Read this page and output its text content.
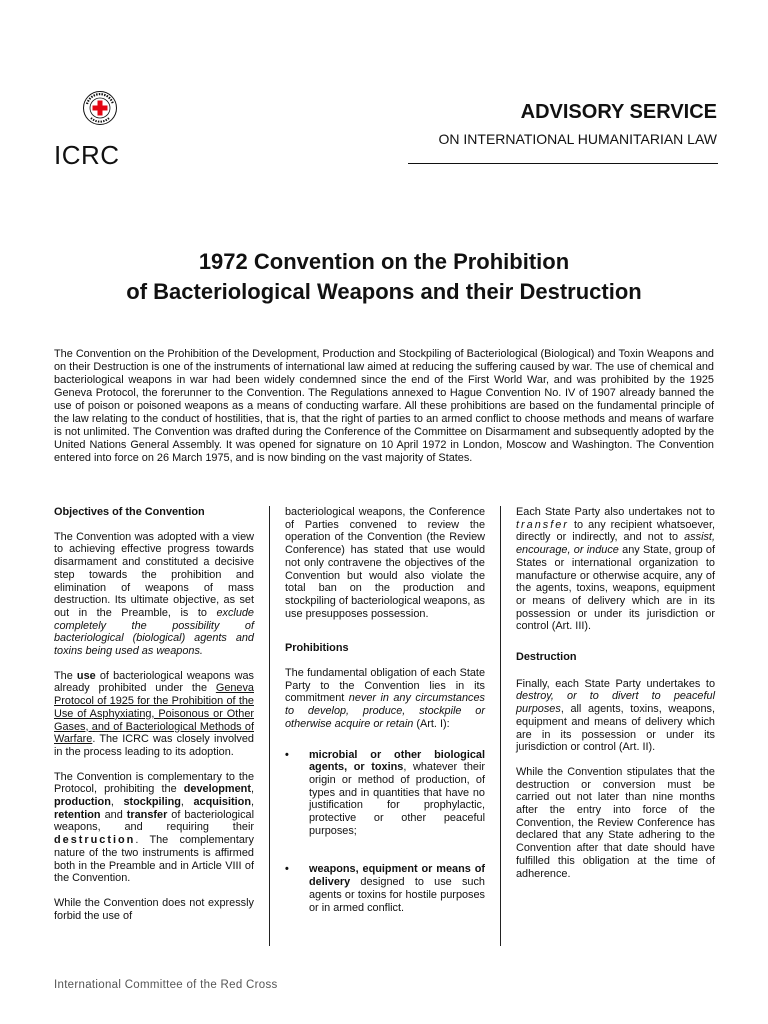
ICRC
ADVISORY SERVICE
ON INTERNATIONAL HUMANITARIAN LAW
1972 Convention on the Prohibition
of Bacteriological Weapons and their Destruction
The Convention on the Prohibition of the Development, Production and Stockpiling of Bacteriological (Biological) and Toxin Weapons and on their Destruction is one of the instruments of international law aimed at reducing the suffering caused by war. The use of chemical and bacteriological weapons in war had been widely condemned since the end of the First World War, and was prohibited by the 1925 Geneva Protocol, the forerunner to the Convention. The Regulations annexed to Hague Convention No. IV of 1907 already banned the use of poison or poisoned weapons as a means of conducting warfare. All these prohibitions are based on the fundamental principle of the law relating to the conduct of hostilities, that is, that the right of parties to an armed conflict to choose methods and means of warfare is not unlimited. The Convention was drafted during the Conference of the Committee on Disarmament and subsequently adopted by the United Nations General Assembly. It was opened for signature on 10 April 1972 in London, Moscow and Washington. The Convention entered into force on 26 March 1975, and is now binding on the vast majority of States.
Objectives of the Convention

The Convention was adopted with a view to achieving effective progress towards disarmament and constituted a decisive step towards the prohibition and elimination of weapons of mass destruction. Its ultimate objective, as set out in the Preamble, is to exclude completely the possibility of bacteriological (biological) agents and toxins being used as weapons.

The use of bacteriological weapons was already prohibited under the Geneva Protocol of 1925 for the Prohibition of the Use of Asphyxiating, Poisonous or Other Gases, and of Bacteriological Methods of Warfare. The ICRC was closely involved in the process leading to its adoption.

The Convention is complementary to the Protocol, prohibiting the development, production, stockpiling, acquisition, retention and transfer of bacteriological weapons, and requiring their destruction. The complementary nature of the two instruments is affirmed both in the Preamble and in Article VIII of the Convention.

While the Convention does not expressly forbid the use of

bacteriological weapons, the Conference of Parties convened to review the operation of the Convention (the Review Conference) has stated that use would not only contravene the objectives of the Convention but would also violate the total ban on the production and stockpiling of bacteriological weapons, as use presupposes possession.

Prohibitions

The fundamental obligation of each State Party to the Convention lies in its commitment never in any circumstances to develop, produce, stockpile or otherwise acquire or retain (Art. I):

• microbial or other biological agents, or toxins, whatever their origin or method of production, of types and in quantities that have no justification for prophylactic, protective or other peaceful purposes;
• weapons, equipment or means of delivery designed to use such agents or toxins for hostile purposes or in armed conflict.

Each State Party also undertakes not to transfer to any recipient whatsoever, directly or indirectly, and not to assist, encourage, or induce any State, group of States or international organization to manufacture or otherwise acquire, any of the agents, toxins, weapons, equipment or means of delivery which are in its possession or under its jurisdiction or control (Art. III).

Destruction

Finally, each State Party undertakes to destroy, or to divert to peaceful purposes, all agents, toxins, weapons, equipment and means of delivery which are in its possession or under its jurisdiction or control (Art. II).

While the Convention stipulates that the destruction or conversion must be carried out not later than nine months after the entry into force of the Convention, the Review Conference has declared that any State adhering to the Convention after that date should have fulfilled this obligation at the time of adherence.

International Committee of the Red Cross
